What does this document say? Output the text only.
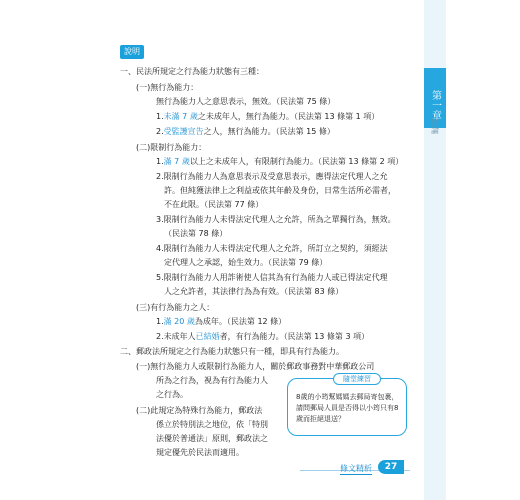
第一章
緒論
說明
一、民法所規定之行為能力狀態有三種：
(一)無行為能力：
無行為能力人之意思表示，無效。（民法第 75 條）
1.未滿 7 歲之未成年人，無行為能力。（民法第 13 條第 1 項）
2.受監護宣告之人，無行為能力。（民法第 15 條）
(二)限制行為能力：
1.滿 7 歲以上之未成年人，有限制行為能力。（民法第 13 條第 2 項）
2.限制行為能力人為意思表示及受意思表示，應得法定代理人之允
許。但純獲法律上之利益或依其年齡及身份，日常生活所必需者，
不在此限。（民法第 77 條）
3.限制行為能力人未得法定代理人之允許，所為之單獨行為，無效。
（民法第 78 條）
4.限制行為能力人未得法定代理人之允許，所訂立之契約，須經法
定代理人之承認，始生效力。（民法第 79 條）
5.限制行為能力人用詐術使人信其為有行為能力人或已得法定代理
人之允許者，其法律行為為有效。（民法第 83 條）
(三)有行為能力之人：
1.滿 20 歲為成年。（民法第 12 條）
2.未成年人已結婚者，有行為能力。（民法第 13 條第 3 項）
二、郵政法所規定之行為能力狀態只有一種，即具有行為能力。
(一)無行為能力人或限制行為能力人，關於郵政事務對中華郵政公司
所為之行為，視為有行為能力人
之行為。
(二)此規定為特殊行為能力，郵政法
係立於特別法之地位，依「特別
法優於普通法」原則，郵政法之
規定優先於民法而適用。
隨堂練習
8歲的小筠幫媽媽去郵局寄包裹，請問郵局人員是否得以小筠只有8歲而拒絕退送？
條文精析	27
